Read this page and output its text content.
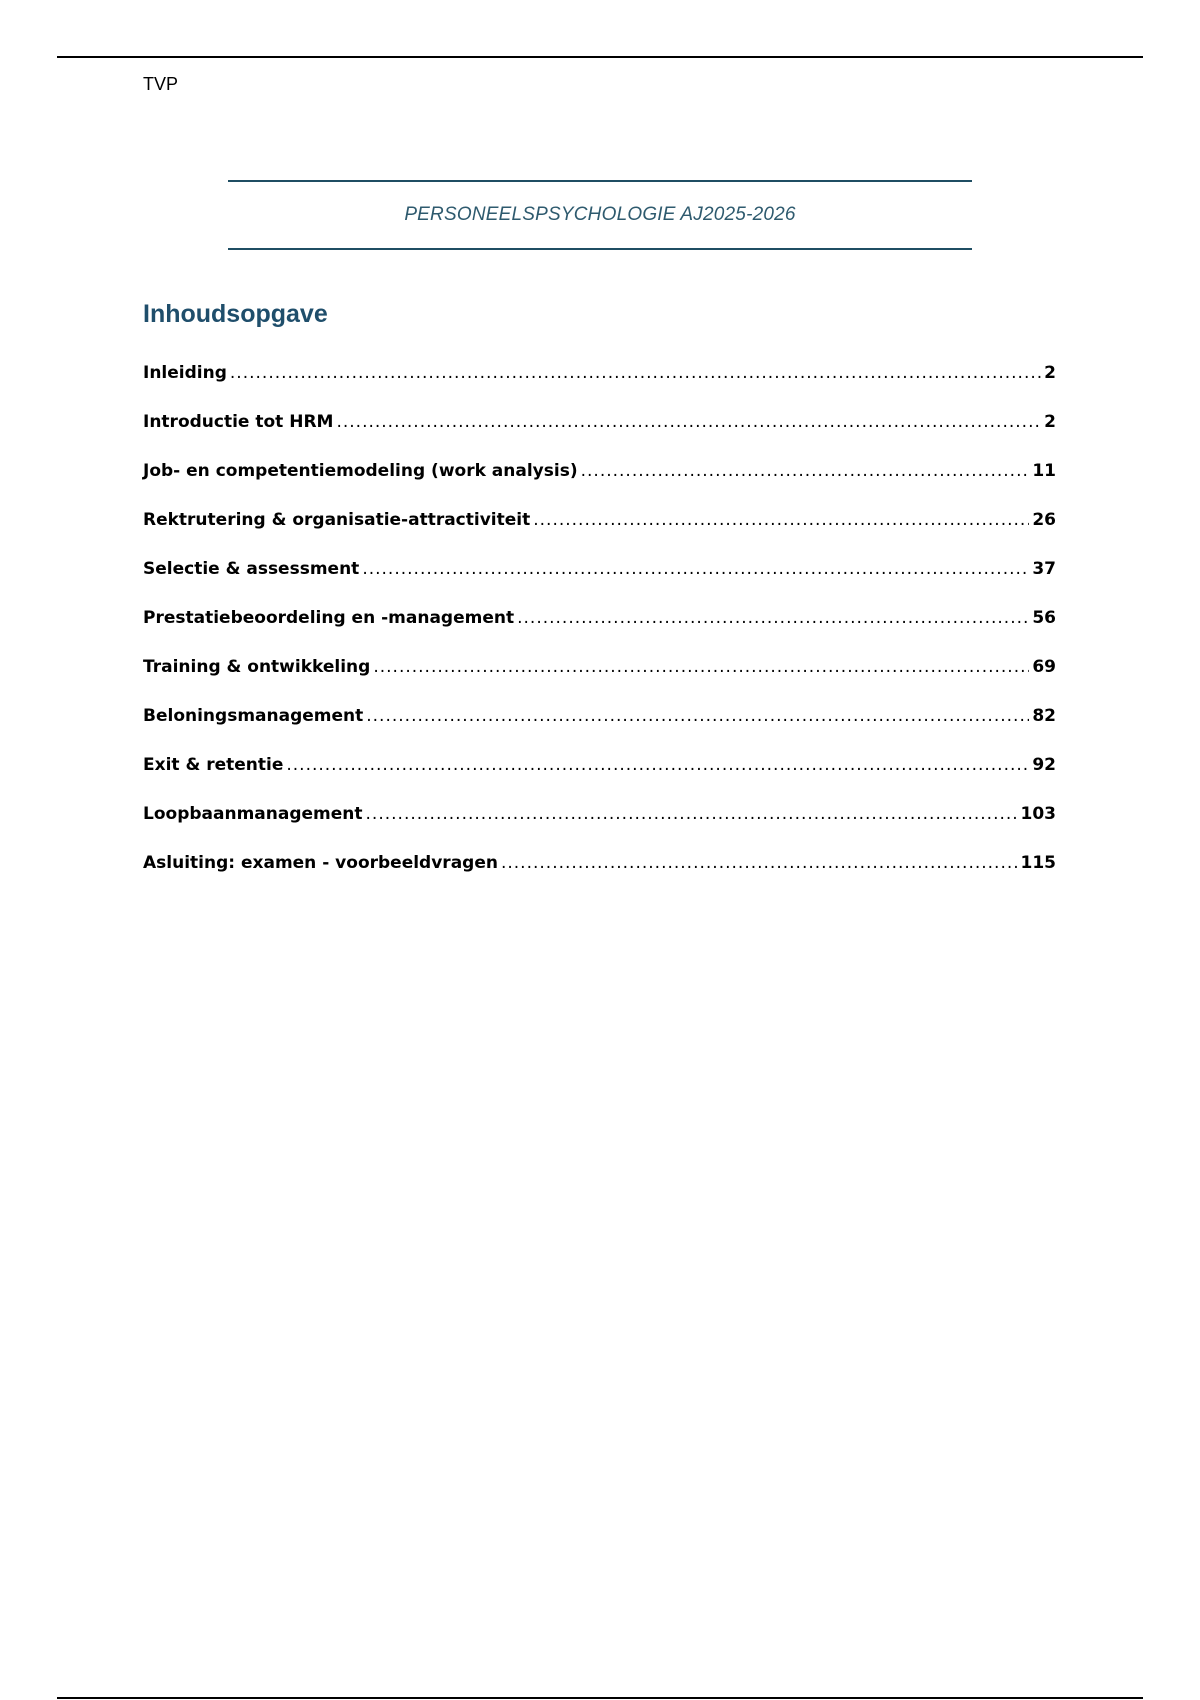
TVP
PERSONEELSPSYCHOLOGIE AJ2025-2026
Inhoudsopgave
Inleiding .....	2
Introductie tot HRM .....	2
Job- en competentiemodeling (work analysis) .....	11
Rektrutering & organisatie-attractiviteit .....	26
Selectie & assessment .....	37
Prestatiebeoordeling en -management .....	56
Training & ontwikkeling .....	69
Beloningsmanagement .....	82
Exit & retentie .....	92
Loopbaanmanagement .....	103
Asluiting: examen - voorbeeldvragen .....	115
